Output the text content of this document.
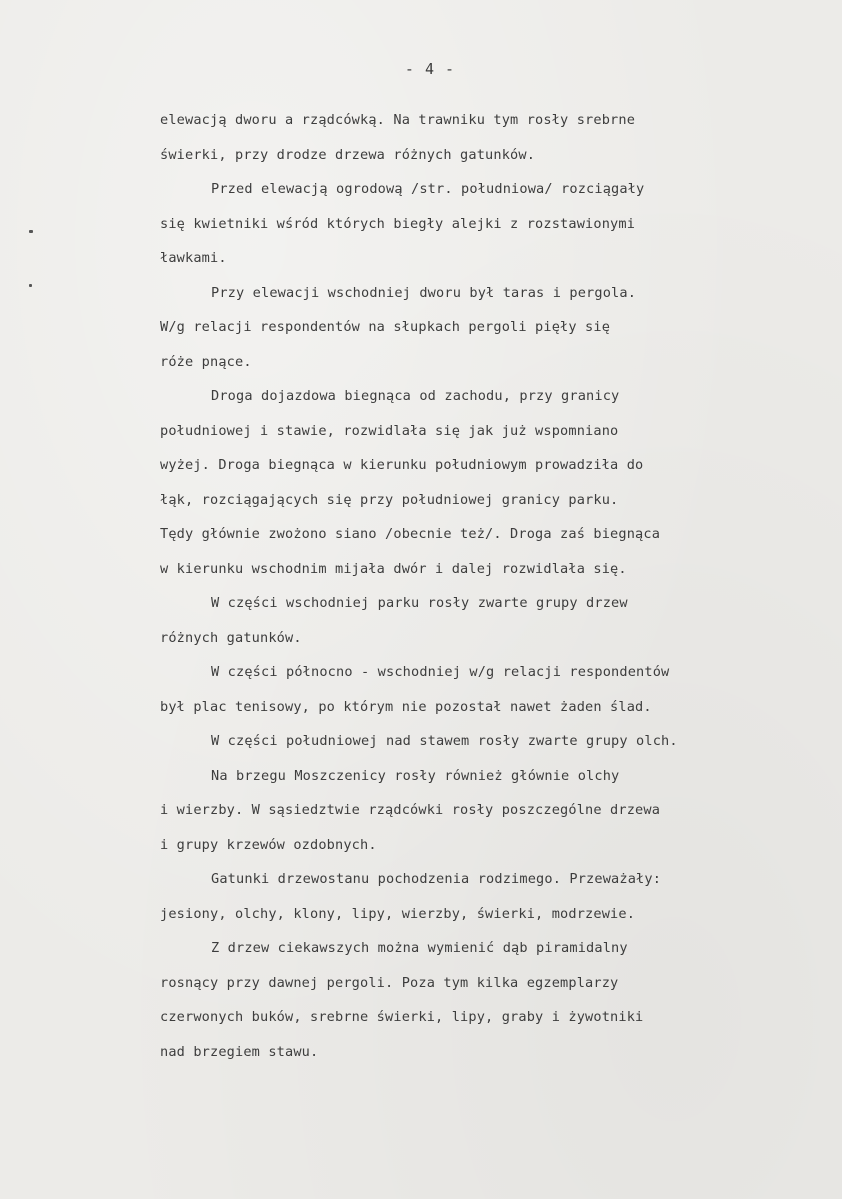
- 4 -
elewacją dworu a rządcówką. Na trawniku tym rosły srebrne
świerki, przy drodze drzewa różnych gatunków.
Przed elewacją ogrodową /str. południowa/ rozciągały
się kwietniki wśród których biegły alejki z rozstawionymi
ławkami.
Przy elewacji wschodniej dworu był taras i pergola.
W/g relacji respondentów na słupkach pergoli pięły się
róże pnące.
Droga dojazdowa biegnąca od zachodu, przy granicy
południowej i stawie, rozwidlała się jak już wspomniano
wyżej. Droga biegnąca w kierunku południowym prowadziła do
łąk, rozciągających się przy południowej granicy parku.
Tędy głównie zwożono siano /obecnie też/. Droga zaś biegnąca
w kierunku wschodnim mijała dwór i dalej rozwidlała się.
W części wschodniej parku rosły zwarte grupy drzew
różnych gatunków.
W części północno - wschodniej w/g relacji respondentów
był plac tenisowy, po którym nie pozostał nawet żaden ślad.
W części południowej nad stawem rosły zwarte grupy olch.
Na brzegu Moszczenicy rosły również głównie olchy
i wierzby. W sąsiedztwie rządcówki rosły poszczególne drzewa
i grupy krzewów ozdobnych.
Gatunki drzewostanu pochodzenia rodzimego. Przeważały:
jesiony, olchy, klony, lipy, wierzby, świerki, modrzewie.
Z drzew ciekawszych można wymienić dąb piramidalny
rosnący przy dawnej pergoli. Poza tym kilka egzemplarzy
czerwonych buków, srebrne świerki, lipy, graby i żywotniki
nad brzegiem stawu.
